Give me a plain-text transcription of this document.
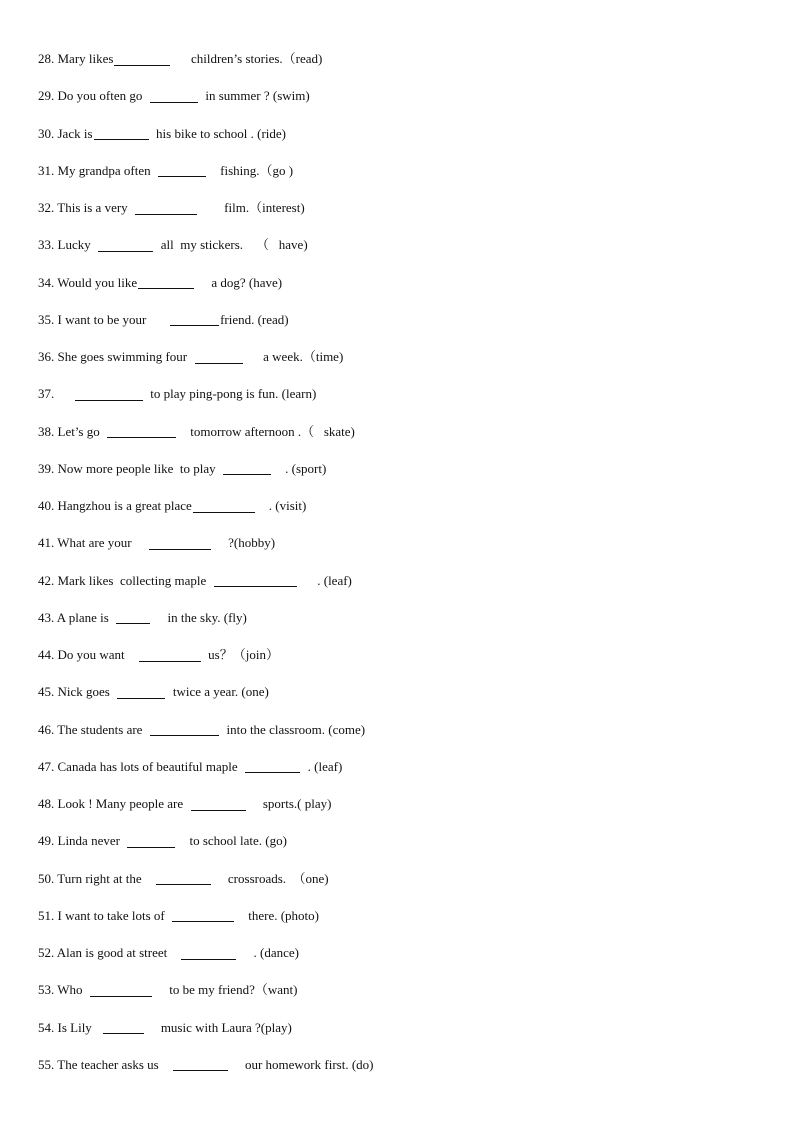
28. Mary likes	children’s stories.（read)
29. Do you often go	in summer ? (swim)
30. Jack is	his bike to school . (ride)
31. My grandpa often	fishing.（go )
32. This is a very	film.（interest)
33. Lucky	all  my stickers.    （   have)
34. Would you like	a dog? (have)
35. I want to be your	friend. (read)
36. She goes swimming four	a week.（time)
37.
	to play ping-pong is fun. (learn)
38. Let’s go	tomorrow afternoon .（   skate)
39. Now more people like  to play	. (sport)
40. Hangzhou is a great place	. (visit)
41. What are your	?(hobby)
42. Mark likes  collecting maple	. (leaf)
43. A plane is	in the sky. (fly)
44. Do you want	us？（join）
45. Nick goes	twice a year. (one)
46. The students are	into the classroom. (come)
47. Canada has lots of beautiful maple	. (leaf)
48. Look ! Many people are	sports.( play)
49. Linda never	to school late. (go)
50. Turn right at the	crossroads.  （one)
51. I want to take lots of	there. (photo)
52. Alan is good at street	. (dance)
53. Who	to be my friend?（want)
54. Is Lily	music with Laura ?(play)
55. The teacher asks us	our homework first. (do)
